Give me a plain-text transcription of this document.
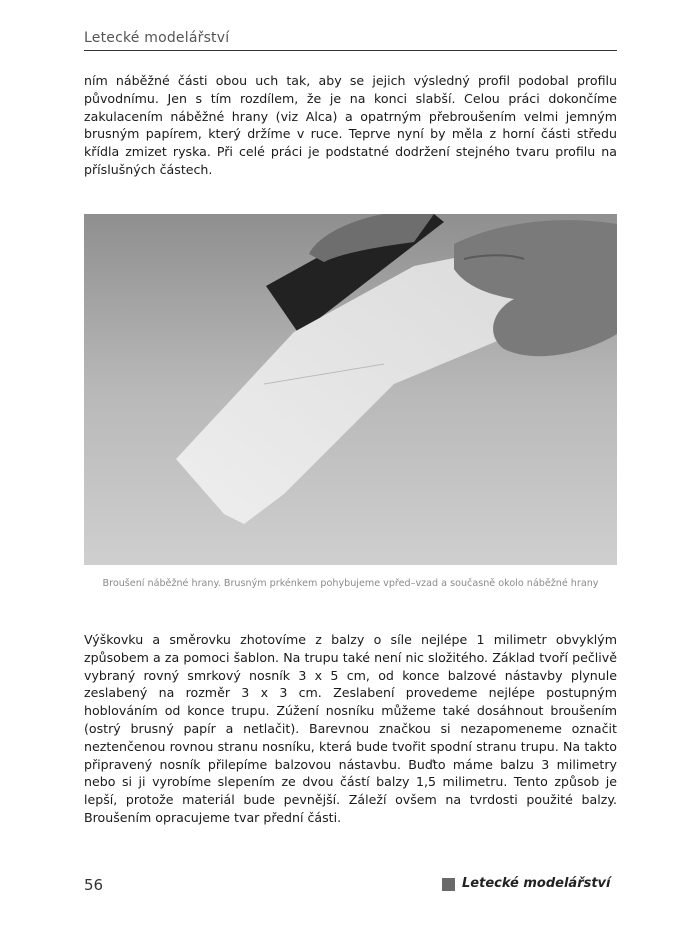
Letecké modelářství

ním náběžné části obou uch tak, aby se jejich výsledný profil podobal profilu původnímu. Jen s tím rozdílem, že je na konci slabší. Celou práci dokončíme zakulacením náběžné hrany (viz Alca) a opatrným přebroušením velmi jemným brusným papírem, který držíme v ruce. Teprve nyní by měla z horní části středu křídla zmizet ryska. Při celé práci je podstatné dodržení stejného tvaru profilu na příslušných částech.

Broušení náběžné hrany. Brusným prkénkem pohybujeme vpřed–vzad a současně okolo náběžné hrany

Výškovku a směrovku zhotovíme z balzy o síle nejlépe 1 milimetr obvyklým způsobem a za pomoci šablon. Na trupu také není nic složitého. Základ tvoří pečlivě vybraný rovný smrkový nosník 3 x 5 cm, od konce balzové nástavby plynule zeslabený na rozměr 3 x 3 cm. Zeslabení provedeme nejlépe postupným hoblováním od konce trupu. Zúžení nosníku můžeme také dosáhnout broušením (ostrý brusný papír a netlačit). Barevnou značkou si nezapomeneme označit neztenčenou rovnou stranu nosníku, která bude tvořit spodní stranu trupu. Na takto připravený nosník přilepíme balzovou nástavbu. Buďto máme balzu 3 milimetry nebo si ji vyrobíme slepením ze dvou částí balzy 1,5 milimetru. Tento způsob je lepší, protože materiál bude pevnější. Záleží ovšem na tvrdosti použité balzy. Broušením opracujeme tvar přední části.

56	Letecké modelářství
